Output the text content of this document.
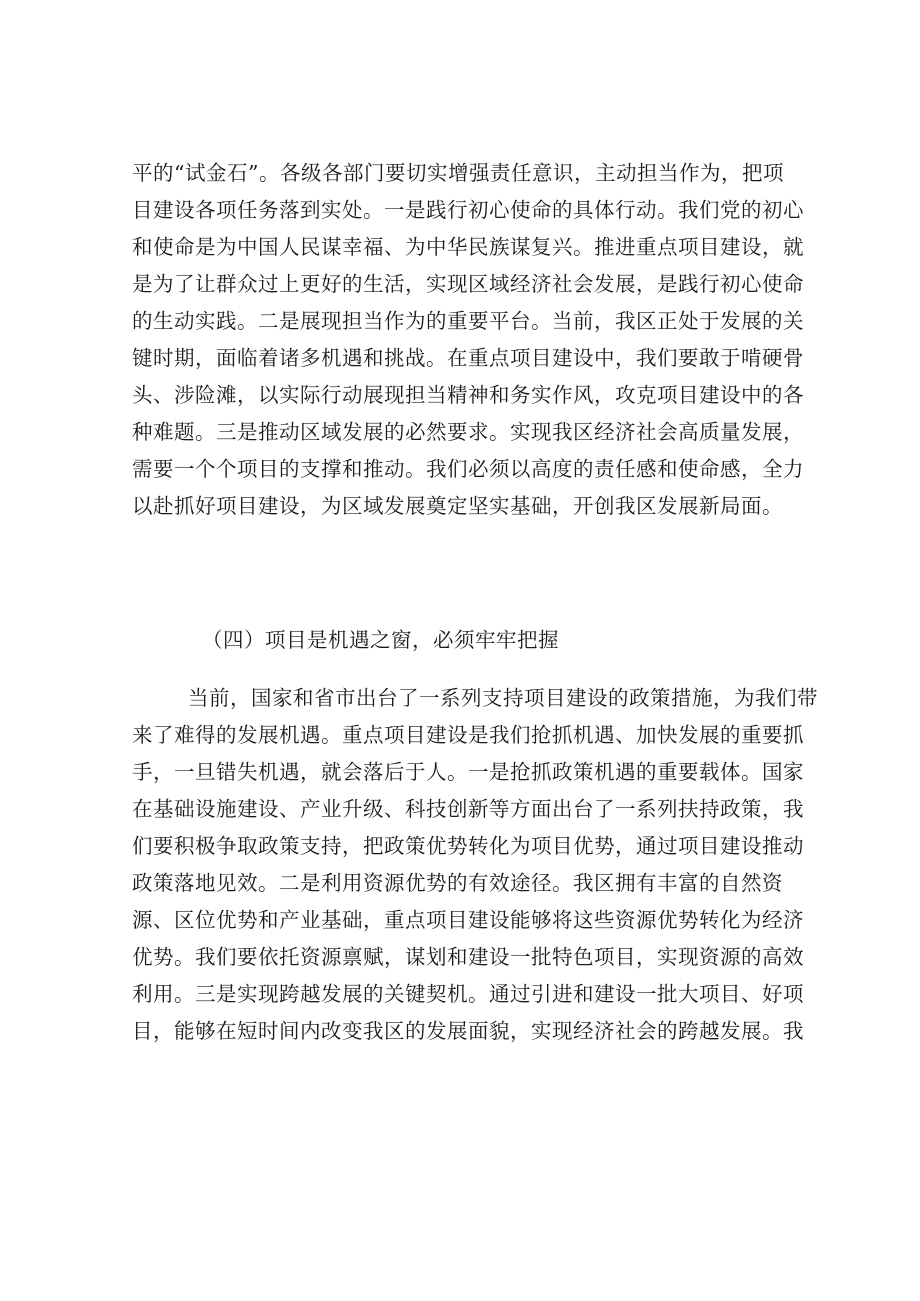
平的“试金石”。各级各部门要切实增强责任意识，主动担当作为，把项
目建设各项任务落到实处。一是践行初心使命的具体行动。我们党的初心
和使命是为中国人民谋幸福、为中华民族谋复兴。推进重点项目建设，就
是为了让群众过上更好的生活，实现区域经济社会发展，是践行初心使命
的生动实践。二是展现担当作为的重要平台。当前，我区正处于发展的关
键时期，面临着诸多机遇和挑战。在重点项目建设中，我们要敢于啃硬骨
头、涉险滩，以实际行动展现担当精神和务实作风，攻克项目建设中的各
种难题。三是推动区域发展的必然要求。实现我区经济社会高质量发展，
需要一个个项目的支撑和推动。我们必须以高度的责任感和使命感，全力
以赴抓好项目建设，为区域发展奠定坚实基础，开创我区发展新局面。
（四）项目是机遇之窗，必须牢牢把握
当前，国家和省市出台了一系列支持项目建设的政策措施，为我们带
来了难得的发展机遇。重点项目建设是我们抢抓机遇、加快发展的重要抓
手，一旦错失机遇，就会落后于人。一是抢抓政策机遇的重要载体。国家
在基础设施建设、产业升级、科技创新等方面出台了一系列扶持政策，我
们要积极争取政策支持，把政策优势转化为项目优势，通过项目建设推动
政策落地见效。二是利用资源优势的有效途径。我区拥有丰富的自然资
源、区位优势和产业基础，重点项目建设能够将这些资源优势转化为经济
优势。我们要依托资源禀赋，谋划和建设一批特色项目，实现资源的高效
利用。三是实现跨越发展的关键契机。通过引进和建设一批大项目、好项
目，能够在短时间内改变我区的发展面貌，实现经济社会的跨越发展。我
